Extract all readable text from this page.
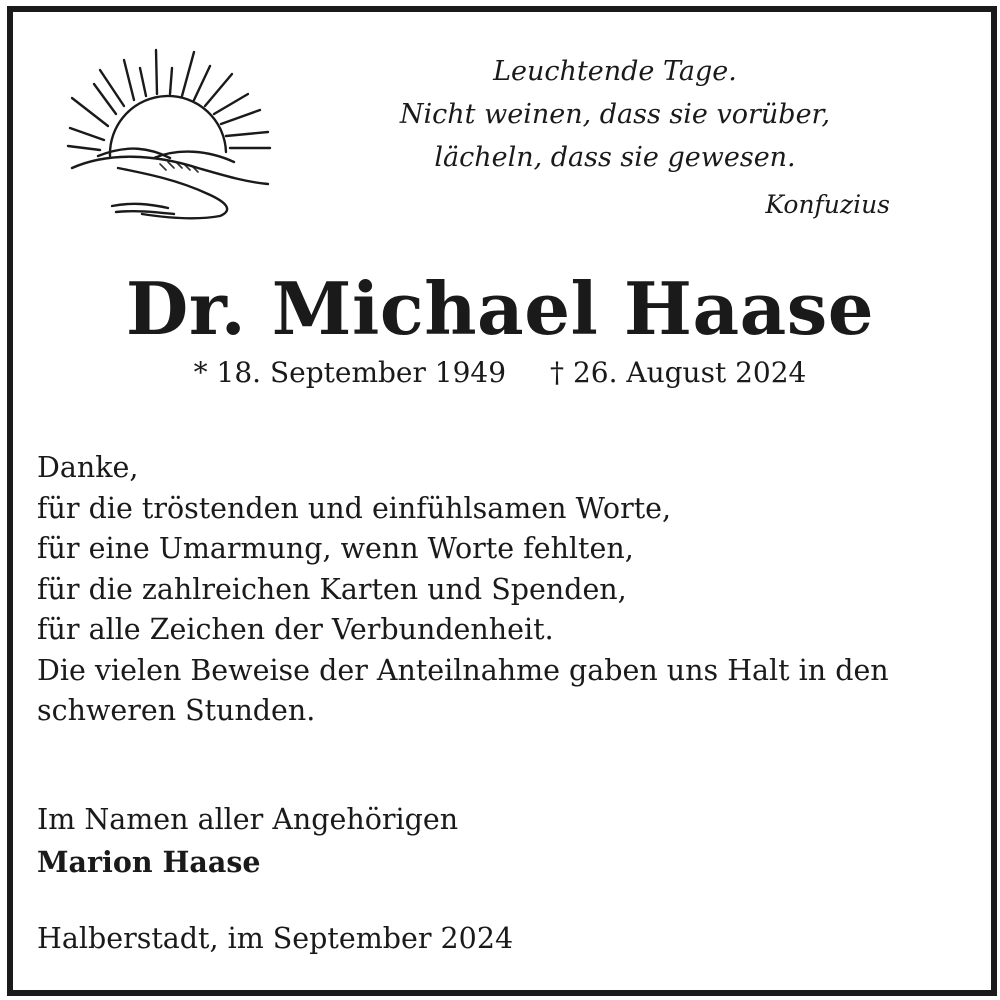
Leuchtende Tage.
Nicht weinen, dass sie vorüber,
lächeln, dass sie gewesen.
Konfuzius
Dr. Michael Haase
* 18. September 1949 † 26. August 2024
Danke,
für die tröstenden und einfühlsamen Worte,
für eine Umarmung, wenn Worte fehlten,
für die zahlreichen Karten und Spenden,
für alle Zeichen der Verbundenheit.
Die vielen Beweise der Anteilnahme gaben uns Halt in den
schweren Stunden.
Im Namen aller Angehörigen
Marion Haase
Halberstadt, im September 2024
